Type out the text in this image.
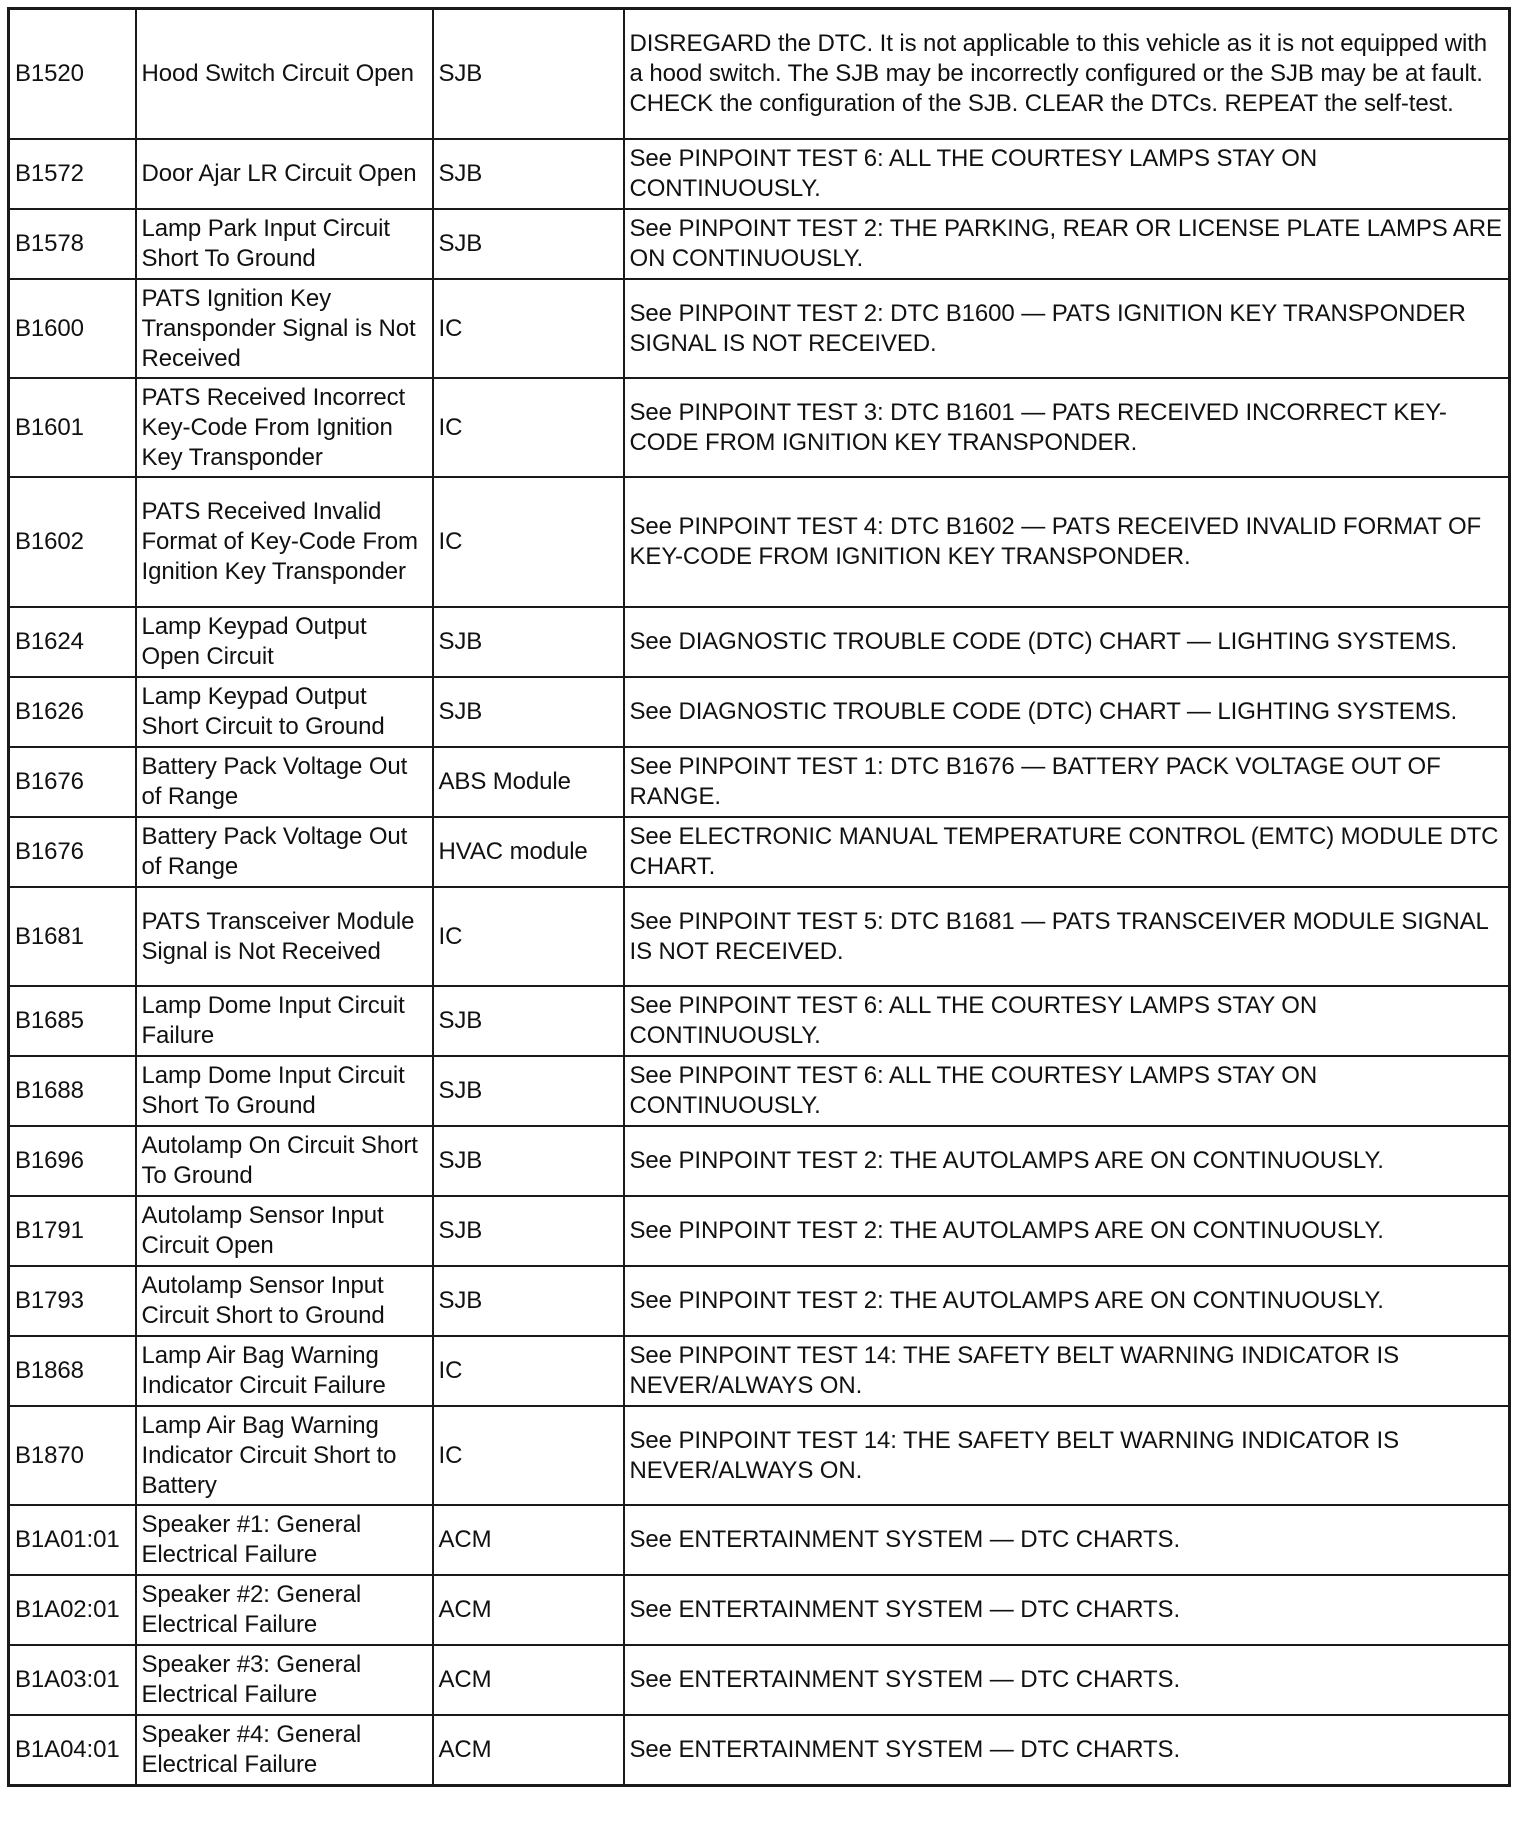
B1520	Hood Switch Circuit Open	SJB	DISREGARD the DTC. It is not applicable to this vehicle as it is not equipped with a hood switch. The SJB may be incorrectly configured or the SJB may be at fault. CHECK the configuration of the SJB. CLEAR the DTCs. REPEAT the self-test.
B1572	Door Ajar LR Circuit Open	SJB	See PINPOINT TEST 6: ALL THE COURTESY LAMPS STAY ON CONTINUOUSLY.
B1578	Lamp Park Input Circuit Short To Ground	SJB	See PINPOINT TEST 2: THE PARKING, REAR OR LICENSE PLATE LAMPS ARE ON CONTINUOUSLY.
B1600	PATS Ignition Key Transponder Signal is Not Received	IC	See PINPOINT TEST 2: DTC B1600 — PATS IGNITION KEY TRANSPONDER SIGNAL IS NOT RECEIVED.
B1601	PATS Received Incorrect Key-Code From Ignition Key Transponder	IC	See PINPOINT TEST 3: DTC B1601 — PATS RECEIVED INCORRECT KEY-CODE FROM IGNITION KEY TRANSPONDER.
B1602	PATS Received Invalid Format of Key-Code From Ignition Key Transponder	IC	See PINPOINT TEST 4: DTC B1602 — PATS RECEIVED INVALID FORMAT OF KEY-CODE FROM IGNITION KEY TRANSPONDER.
B1624	Lamp Keypad Output Open Circuit	SJB	See DIAGNOSTIC TROUBLE CODE (DTC) CHART — LIGHTING SYSTEMS.
B1626	Lamp Keypad Output Short Circuit to Ground	SJB	See DIAGNOSTIC TROUBLE CODE (DTC) CHART — LIGHTING SYSTEMS.
B1676	Battery Pack Voltage Out of Range	ABS Module	See PINPOINT TEST 1: DTC B1676 — BATTERY PACK VOLTAGE OUT OF RANGE.
B1676	Battery Pack Voltage Out of Range	HVAC module	See ELECTRONIC MANUAL TEMPERATURE CONTROL (EMTC) MODULE DTC CHART.
B1681	PATS Transceiver Module Signal is Not Received	IC	See PINPOINT TEST 5: DTC B1681 — PATS TRANSCEIVER MODULE SIGNAL IS NOT RECEIVED.
B1685	Lamp Dome Input Circuit Failure	SJB	See PINPOINT TEST 6: ALL THE COURTESY LAMPS STAY ON CONTINUOUSLY.
B1688	Lamp Dome Input Circuit Short To Ground	SJB	See PINPOINT TEST 6: ALL THE COURTESY LAMPS STAY ON CONTINUOUSLY.
B1696	Autolamp On Circuit Short To Ground	SJB	See PINPOINT TEST 2: THE AUTOLAMPS ARE ON CONTINUOUSLY.
B1791	Autolamp Sensor Input Circuit Open	SJB	See PINPOINT TEST 2: THE AUTOLAMPS ARE ON CONTINUOUSLY.
B1793	Autolamp Sensor Input Circuit Short to Ground	SJB	See PINPOINT TEST 2: THE AUTOLAMPS ARE ON CONTINUOUSLY.
B1868	Lamp Air Bag Warning Indicator Circuit Failure	IC	See PINPOINT TEST 14: THE SAFETY BELT WARNING INDICATOR IS NEVER/ALWAYS ON.
B1870	Lamp Air Bag Warning Indicator Circuit Short to Battery	IC	See PINPOINT TEST 14: THE SAFETY BELT WARNING INDICATOR IS NEVER/ALWAYS ON.
B1A01:01	Speaker #1: General Electrical Failure	ACM	See ENTERTAINMENT SYSTEM — DTC CHARTS.
B1A02:01	Speaker #2: General Electrical Failure	ACM	See ENTERTAINMENT SYSTEM — DTC CHARTS.
B1A03:01	Speaker #3: General Electrical Failure	ACM	See ENTERTAINMENT SYSTEM — DTC CHARTS.
B1A04:01	Speaker #4: General Electrical Failure	ACM	See ENTERTAINMENT SYSTEM — DTC CHARTS.
